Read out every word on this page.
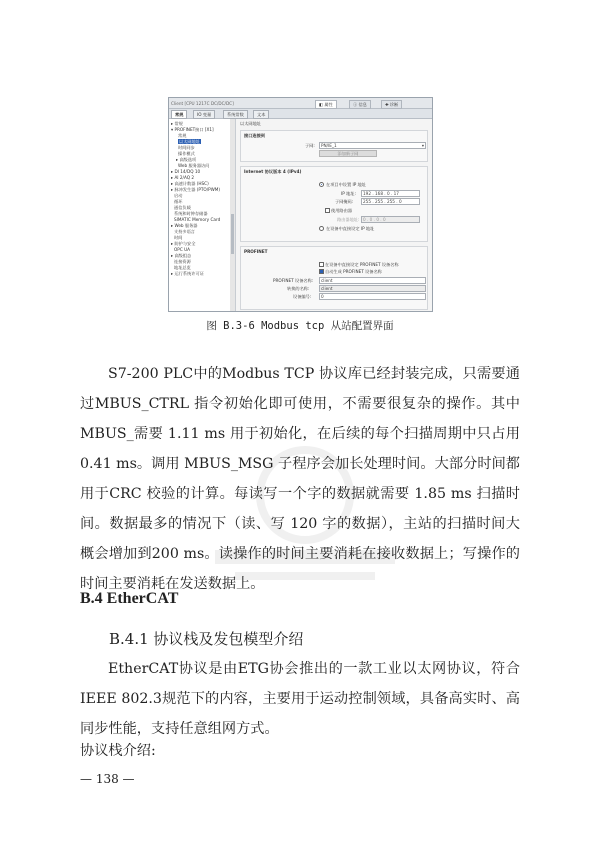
Client [CPU 1217C DC/DC/DC]	◧ 属性	ⓘ 信息	✚ 诊断
常规	IO 变量	系统常数	文本
▸ 常规
▾ PROFINET接口 [X1]
常规
以太网地址
时间同步
操作模式
▸ 高级选项
Web 服务器访问
▸ DI 14/DQ 10
▸ AI 2/AQ 2
▸ 高速计数器 (HSC)
▸ 脉冲发生器 (PTO/PWM)
启动
循环
通信负载
系统和时钟存储器
SIMATIC Memory Card
▸ Web 服务器
支持多语言
时间
▸ 防护与安全
OPC UA
▸ 高级组态
连接资源
地址总览
▸ 运行系统许可证
以太网地址
接口连接到
子网:	PN/IE_1	▾
添加新子网
Internet 协议版本 4 (IPv4)
在项目中设置 IP 地址
IP 地址:	192 . 168 . 0 . 17
子网掩码:	255 . 255 . 255 . 0
使用路由器
路由器地址: 0 . 0 . 0 . 0
在设备中直接设定 IP 地址
PROFINET
在设备中直接设定 PROFINET 设备名称
自动生成 PROFINET 设备名称
PROFINET 设备名称:	client
转换的名称:	client
设备编号:	0
图 B.3-6 Modbus tcp 从站配置界面

S7-200 PLC中的Modbus TCP 协议库已经封装完成，只需要通过MBUS_CTRL 指令初始化即可使用，不需要很复杂的操作。其中MBUS_需要 1.11 ms 用于初始化，在后续的每个扫描周期中只占用 0.41 ms。调用 MBUS_MSG 子程序会加长处理时间。大部分时间都用于CRC 校验的计算。每读写一个字的数据就需要 1.85 ms 扫描时间。数据最多的情况下（读、写 120 字的数据），主站的扫描时间大概会增加到200 ms。读操作的时间主要消耗在接收数据上；写操作的时间主要消耗在发送数据上。

B.4 EtherCAT
B.4.1 协议栈及发包模型介绍

EtherCAT协议是由ETG协会推出的一款工业以太网协议，符合IEEE 802.3规范下的内容，主要用于运动控制领域，具备高实时、高同步性能，支持任意组网方式。

协议栈介绍:
— 138 —
